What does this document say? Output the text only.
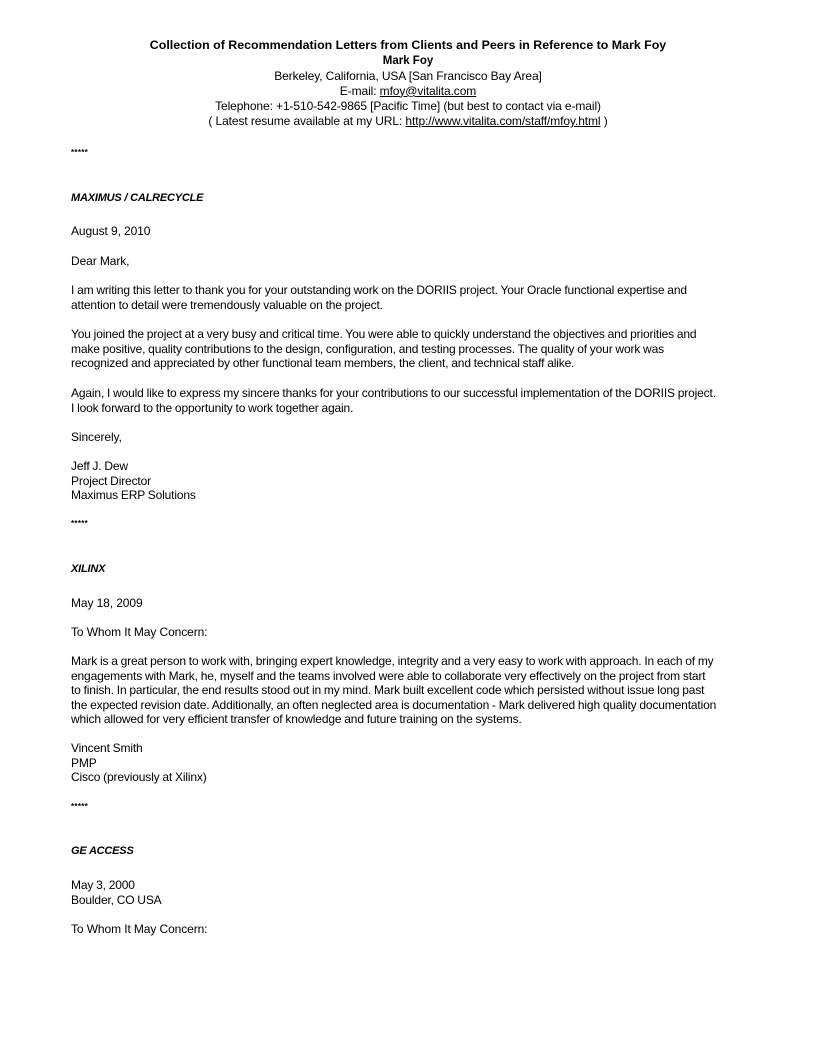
Collection of Recommendation Letters from Clients and Peers in Reference to Mark Foy
Mark Foy
Berkeley, California, USA [San Francisco Bay Area]
E-mail: mfoy@vitalita.com
Telephone: +1-510-542-9865 [Pacific Time] (but best to contact via e-mail)
( Latest resume available at my URL: http://www.vitalita.com/staff/mfoy.html )
*****
MAXIMUS / CALRECYCLE
August 9, 2010
Dear Mark,
I am writing this letter to thank you for your outstanding work on the DORIIS project. Your Oracle functional expertise and
attention to detail were tremendously valuable on the project.
You joined the project at a very busy and critical time. You were able to quickly understand the objectives and priorities and
make positive, quality contributions to the design, configuration, and testing processes. The quality of your work was
recognized and appreciated by other functional team members, the client, and technical staff alike.
Again, I would like to express my sincere thanks for your contributions to our successful implementation of the DORIIS project.
I look forward to the opportunity to work together again.
Sincerely,
Jeff J. Dew
Project Director
Maximus ERP Solutions
*****
XILINX
May 18, 2009
To Whom It May Concern:
Mark is a great person to work with, bringing expert knowledge, integrity and a very easy to work with approach. In each of my
engagements with Mark, he, myself and the teams involved were able to collaborate very effectively on the project from start
to finish. In particular, the end results stood out in my mind. Mark built excellent code which persisted without issue long past
the expected revision date. Additionally, an often neglected area is documentation - Mark delivered high quality documentation
which allowed for very efficient transfer of knowledge and future training on the systems.
Vincent Smith
PMP
Cisco (previously at Xilinx)
*****
GE ACCESS
May 3, 2000
Boulder, CO USA
To Whom It May Concern:
